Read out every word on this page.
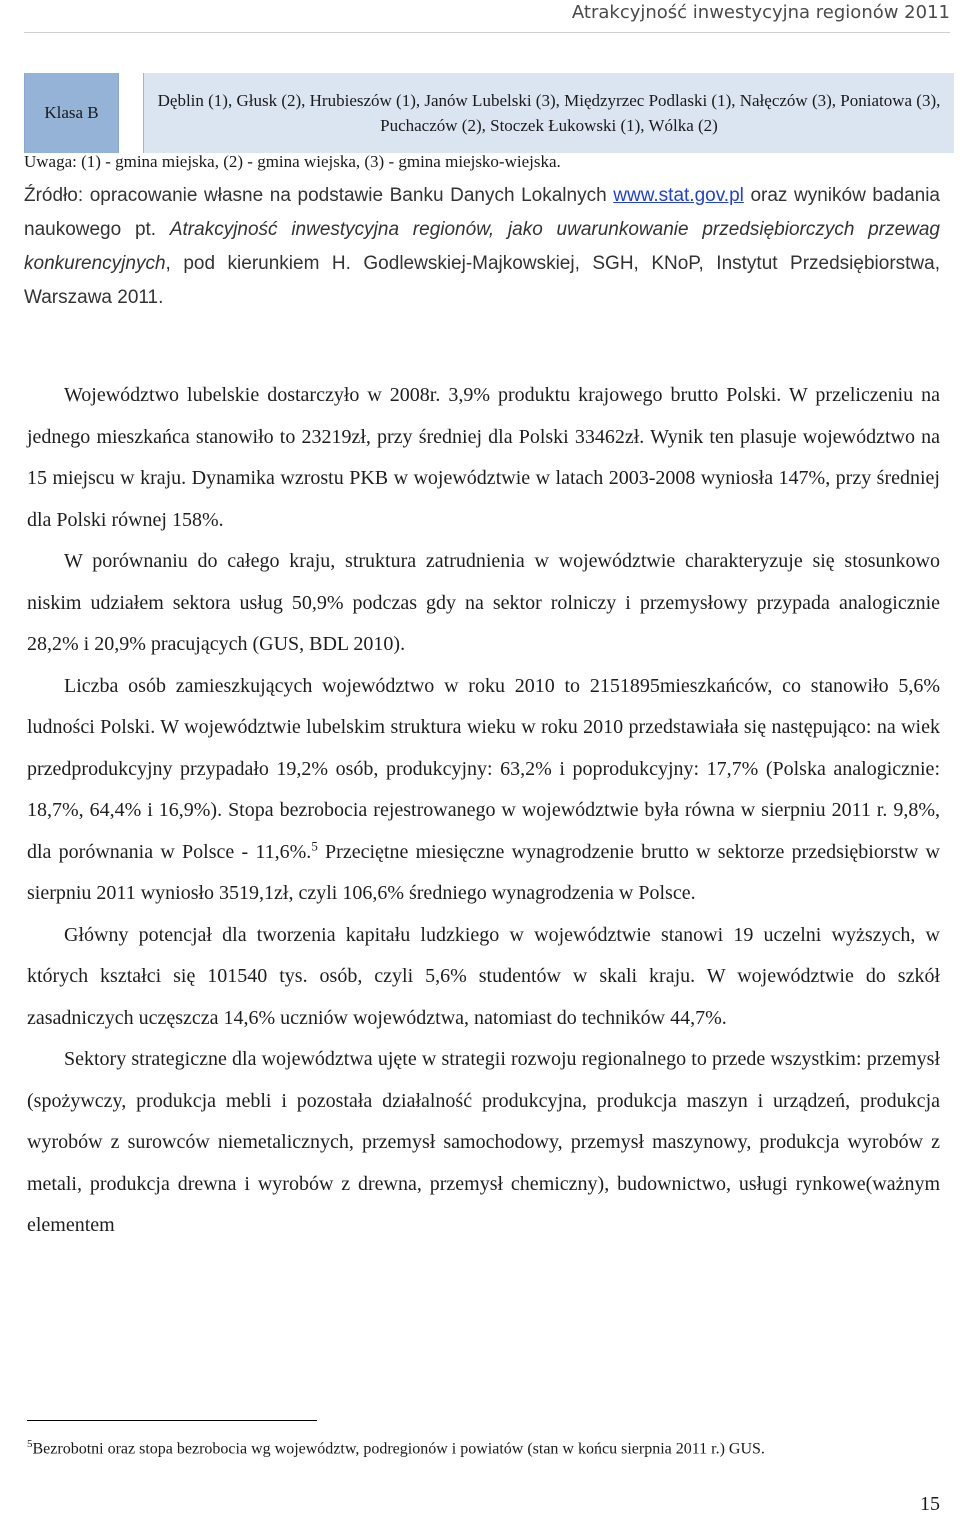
Atrakcyjność inwestycyjna regionów 2011
Klasa B
Dęblin (1), Głusk (2), Hrubieszów (1), Janów Lubelski (3), Międzyrzec Podlaski (1), Nałęczów (3), Poniatowa (3), Puchaczów (2), Stoczek Łukowski (1), Wólka (2)
Uwaga: (1) - gmina miejska, (2) - gmina wiejska, (3) - gmina miejsko-wiejska.
Źródło: opracowanie własne na podstawie Banku Danych Lokalnych www.stat.gov.pl oraz wyników badania naukowego pt. Atrakcyjność inwestycyjna regionów, jako uwarunkowanie przedsiębiorczych przewag konkurencyjnych, pod kierunkiem H. Godlewskiej-Majkowskiej, SGH, KNoP, Instytut Przedsiębiorstwa, Warszawa 2011.

Województwo lubelskie dostarczyło w 2008r. 3,9% produktu krajowego brutto Polski. W przeliczeniu na jednego mieszkańca stanowiło to 23219zł, przy średniej dla Polski 33462zł. Wynik ten plasuje województwo na 15 miejscu w kraju. Dynamika wzrostu PKB w województwie w latach 2003-2008 wyniosła 147%, przy średniej dla Polski równej 158%.

W porównaniu do całego kraju, struktura zatrudnienia w województwie charakteryzuje się stosunkowo niskim udziałem sektora usług 50,9% podczas gdy na sektor rolniczy i przemysłowy przypada analogicznie 28,2% i 20,9% pracujących (GUS, BDL 2010).

Liczba osób zamieszkujących województwo w roku 2010 to 2151895mieszkańców, co stanowiło 5,6% ludności Polski. W województwie lubelskim struktura wieku w roku 2010 przedstawiała się następująco: na wiek przedprodukcyjny przypadało 19,2% osób, produkcyjny: 63,2% i poprodukcyjny: 17,7% (Polska analogicznie: 18,7%, 64,4% i 16,9%). Stopa bezrobocia rejestrowanego w województwie była równa w sierpniu 2011 r. 9,8%, dla porównania w Polsce - 11,6%.$^5$ Przeciętne miesięczne wynagrodzenie brutto w sektorze przedsiębiorstw w sierpniu 2011 wyniosło 3519,1zł, czyli 106,6% średniego wynagrodzenia w Polsce.

Główny potencjał dla tworzenia kapitału ludzkiego w województwie stanowi 19 uczelni wyższych, w których kształci się 101540 tys. osób, czyli 5,6% studentów w skali kraju. W województwie do szkół zasadniczych uczęszcza 14,6% uczniów województwa, natomiast do techników 44,7%.

Sektory strategiczne dla województwa ujęte w strategii rozwoju regionalnego to przede wszystkim: przemysł (spożywczy, produkcja mebli i pozostała działalność produkcyjna, produkcja maszyn i urządzeń, produkcja wyrobów z surowców niemetalicznych, przemysł samochodowy, przemysł maszynowy, produkcja wyrobów z metali, produkcja drewna i wyrobów z drewna, przemysł chemiczny), budownictwo, usługi rynkowe(ważnym elementem

$^5$Bezrobotni oraz stopa bezrobocia wg województw, podregionów i powiatów (stan w końcu sierpnia 2011 r.) GUS.
15
